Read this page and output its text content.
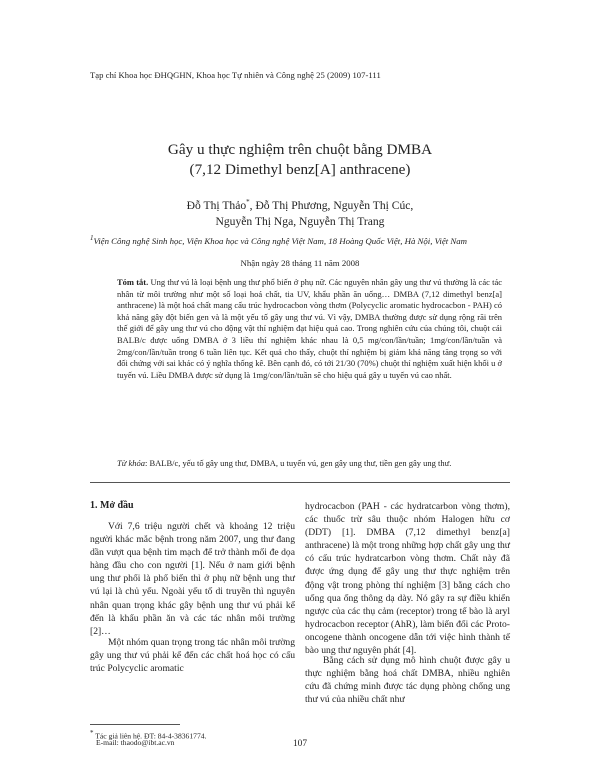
Tạp chí Khoa học ĐHQGHN, Khoa học Tự nhiên và Công nghệ 25 (2009) 107-111
Gây u thực nghiệm trên chuột bằng DMBA
(7,12 Dimethyl benz[A] anthracene)
Đỗ Thị Thảo*, Đỗ Thị Phương, Nguyễn Thị Cúc,
Nguyễn Thị Nga, Nguyễn Thị Trang
$^1$Viện Công nghệ Sinh học, Viện Khoa học và Công nghệ Việt Nam, 18 Hoàng Quốc Việt, Hà Nội, Việt Nam
Nhận ngày 28 tháng 11 năm 2008
Tóm tắt. Ung thư vú là loại bệnh ung thư phổ biến ở phụ nữ. Các nguyên nhân gây ung thư vú thường là các tác nhân từ môi trường như một số loại hoá chất, tia UV, khẩu phần ăn uống… DMBA (7,12 dimethyl benz[a] anthracene) là một hoá chất mang cấu trúc hydrocacbon vòng thơm (Polycyclic aromatic hydrocacbon - PAH) có khả năng gây đột biến gen và là một yếu tố gây ung thư vú. Vì vậy, DMBA thường được sử dụng rộng rãi trên thế giới để gây ung thư vú cho động vật thí nghiệm đạt hiệu quả cao. Trong nghiên cứu của chúng tôi, chuột cái BALB/c được uống DMBA ở 3 liều thí nghiệm khác nhau là 0,5 mg/con/lần/tuần; 1mg/con/lần/tuần và 2mg/con/lần/tuần trong 6 tuần liên tục. Kết quả cho thấy, chuột thí nghiệm bị giảm khả năng tăng trọng so với đối chứng với sai khác có ý nghĩa thống kê. Bên cạnh đó, có tới 21/30 (70%) chuột thí nghiệm xuất hiện khối u ở tuyến vú. Liều DMBA được sử dụng là 1mg/con/lần/tuần sẽ cho hiệu quả gây u tuyến vú cao nhất.
Từ khóa: BALB/c, yếu tố gây ung thư, DMBA, u tuyến vú, gen gây ung thư, tiền gen gây ung thư.
1. Mở đầu

Với 7,6 triệu người chết và khoảng 12 triệu người khác mắc bệnh trong năm 2007, ung thư đang dần vượt qua bệnh tim mạch để trở thành mối đe dọa hàng đầu cho con người [1]. Nếu ở nam giới bệnh ung thư phổi là phổ biến thì ở phụ nữ bệnh ung thư vú lại là chủ yếu. Ngoài yếu tố di truyền thì nguyên nhân quan trọng khác gây bệnh ung thư vú phải kể đến là khẩu phần ăn và các tác nhân môi trường [2]…

Một nhóm quan trọng trong tác nhân môi trường gây ung thư vú phải kể đến các chất hoá học có cấu trúc Polycyclic aromatic

hydrocacbon (PAH - các hydratcarbon vòng thơm), các thuốc trừ sâu thuộc nhóm Halogen hữu cơ (DDT) [1]. DMBA (7,12 dimethyl benz[a] anthracene) là một trong những hợp chất gây ung thư có cấu trúc hydratcarbon vòng thơm. Chất này đã được ứng dụng để gây ung thư thực nghiệm trên động vật trong phòng thí nghiệm [3] bằng cách cho uống qua ống thông dạ dày. Nó gây ra sự điều khiển ngược của các thụ cảm (receptor) trong tế bào là aryl hydrocacbon receptor (AhR), làm biến đổi các Proto-oncogene thành oncogene dẫn tới việc hình thành tế bào ung thư nguyên phát [4].

Bằng cách sử dụng mô hình chuột được gây u thực nghiệm bằng hoá chất DMBA, nhiều nghiên cứu đã chứng minh được tác dụng phòng chống ung thư vú của nhiều chất như

* Tác giả liên hệ. ĐT: 84-4-38361774.
E-mail: thaodo@ibt.ac.vn	107
